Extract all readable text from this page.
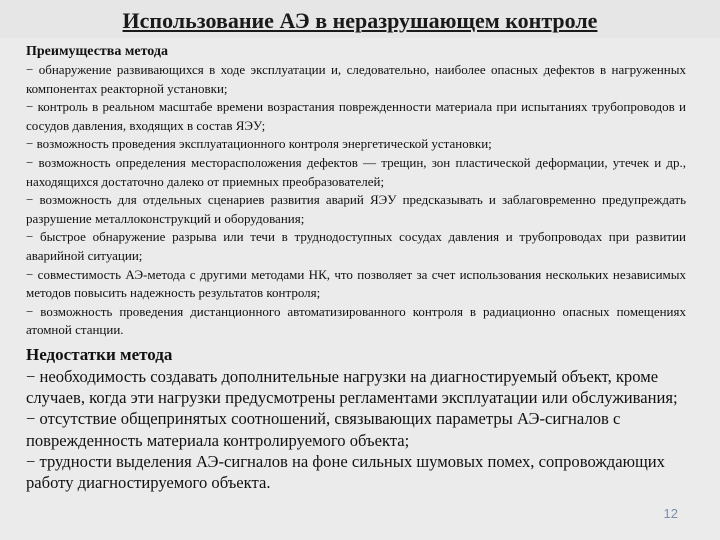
Использование АЭ в неразрушающем контроле
Преимущества метода
− обнаружение развивающихся в ходе эксплуатации и, следовательно, наиболее опасных дефектов в нагруженных компонентах реакторной установки;
− контроль в реальном масштабе времени возрастания поврежденности материала при испытаниях трубопроводов и сосудов давления, входящих в состав ЯЭУ;
− возможность проведения эксплуатационного контроля энергетической установки;
− возможность определения месторасположения дефектов — трещин, зон пластической деформации, утечек и др., находящихся достаточно далеко от приемных преобразователей;
− возможность для отдельных сценариев развития аварий ЯЭУ предсказывать и заблаговременно предупреждать разрушение металлоконструкций и оборудования;
− быстрое обнаружение разрыва или течи в труднодоступных сосудах давления и трубопроводах при развитии аварийной ситуации;
− совместимость АЭ-метода с другими методами НК, что позволяет за счет использования нескольких независимых методов повысить надежность результатов контроля;
− возможность проведения дистанционного автоматизированного контроля в радиационно опасных помещениях атомной станции.
Недостатки метода
− необходимость создавать дополнительные нагрузки на диагностируемый объект, кроме случаев, когда эти нагрузки предусмотрены регламентами эксплуатации или обслуживания;
− отсутствие общепринятых соотношений, связывающих параметры АЭ-сигналов с поврежденность материала контролируемого объекта;
− трудности выделения АЭ-сигналов на фоне сильных шумовых помех, сопровождающих работу диагностируемого объекта.
12
